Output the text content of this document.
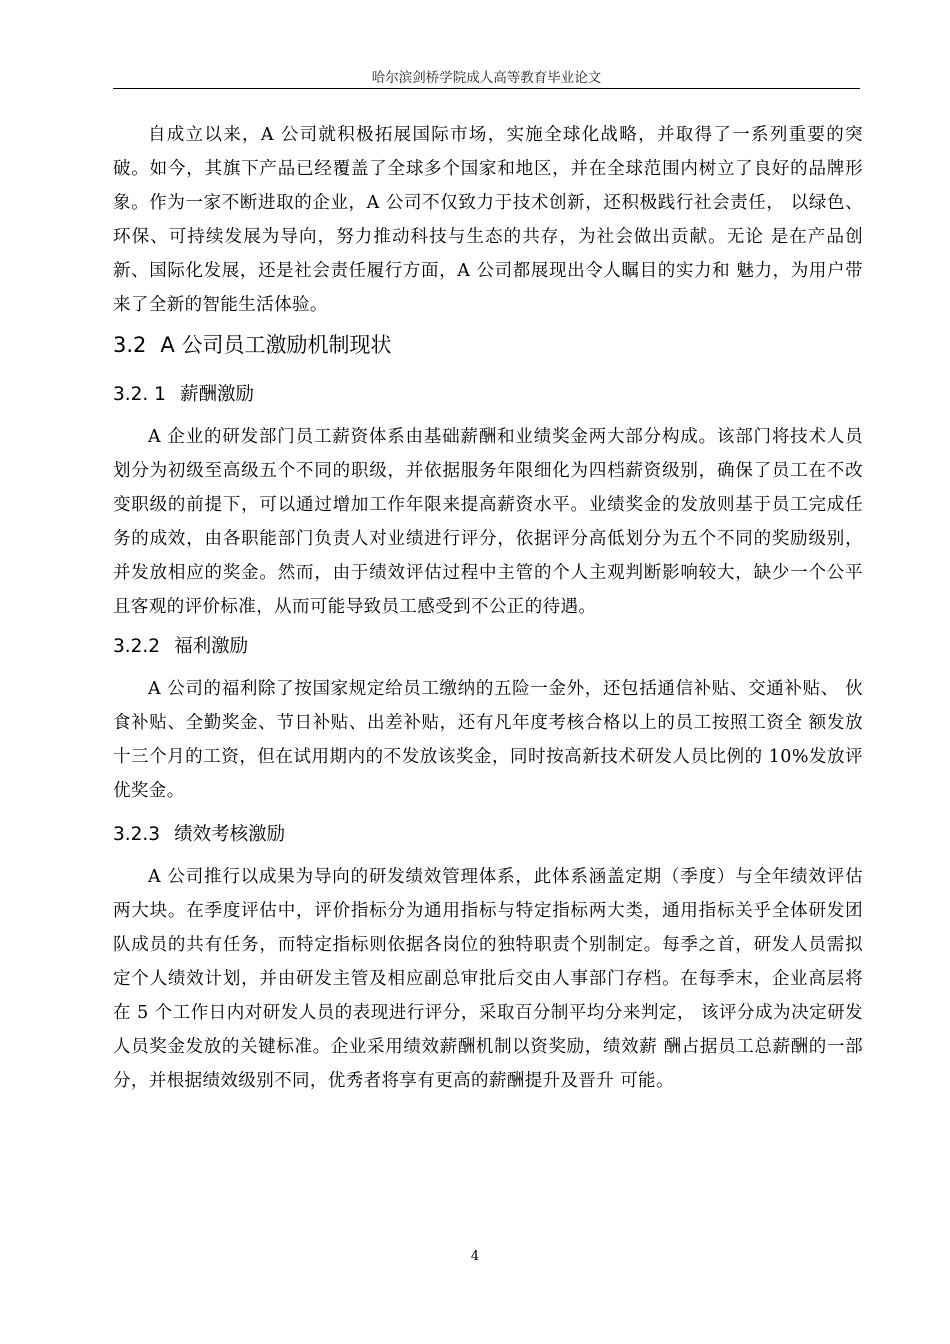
哈尔滨剑桥学院成人高等教育毕业论文

自成立以来，A 公司就积极拓展国际市场，实施全球化战略，并取得了一系列重要的突破。如今，其旗下产品已经覆盖了全球多个国家和地区，并在全球范围内树立了良好的品牌形象。作为一家不断进取的企业，A 公司不仅致力于技术创新，还积极践行社会责任， 以绿色、环保、可持续发展为导向，努力推动科技与生态的共存，为社会做出贡献。无论 是在产品创新、国际化发展，还是社会责任履行方面，A 公司都展现出令人瞩目的实力和 魅力，为用户带来了全新的智能生活体验。

3.2 A 公司员工激励机制现状
3.2. 1 薪酬激励

A 企业的研发部门员工薪资体系由基础薪酬和业绩奖金两大部分构成。该部门将技术人员划分为初级至高级五个不同的职级，并依据服务年限细化为四档薪资级别，确保了员工在不改变职级的前提下，可以通过增加工作年限来提高薪资水平。业绩奖金的发放则基于员工完成任务的成效，由各职能部门负责人对业绩进行评分，依据评分高低划分为五个不同的奖励级别，并发放相应的奖金。然而，由于绩效评估过程中主管的个人主观判断影响较大，缺少一个公平且客观的评价标准，从而可能导致员工感受到不公正的待遇。

3.2.2 福利激励

A 公司的福利除了按国家规定给员工缴纳的五险一金外，还包括通信补贴、交通补贴、 伙食补贴、全勤奖金、节日补贴、出差补贴，还有凡年度考核合格以上的员工按照工资全 额发放十三个月的工资，但在试用期内的不发放该奖金，同时按高新技术研发人员比例的 10%发放评优奖金。

3.2.3 绩效考核激励

A 公司推行以成果为导向的研发绩效管理体系，此体系涵盖定期（季度）与全年绩效评估两大块。在季度评估中，评价指标分为通用指标与特定指标两大类，通用指标关乎全体研发团队成员的共有任务，而特定指标则依据各岗位的独特职责个别制定。每季之首，研发人员需拟定个人绩效计划，并由研发主管及相应副总审批后交由人事部门存档。在每季末，企业高层将在 5 个工作日内对研发人员的表现进行评分，采取百分制平均分来判定， 该评分成为决定研发人员奖金发放的关键标准。企业采用绩效薪酬机制以资奖励，绩效薪 酬占据员工总薪酬的一部分，并根据绩效级别不同，优秀者将享有更高的薪酬提升及晋升 可能。

4
